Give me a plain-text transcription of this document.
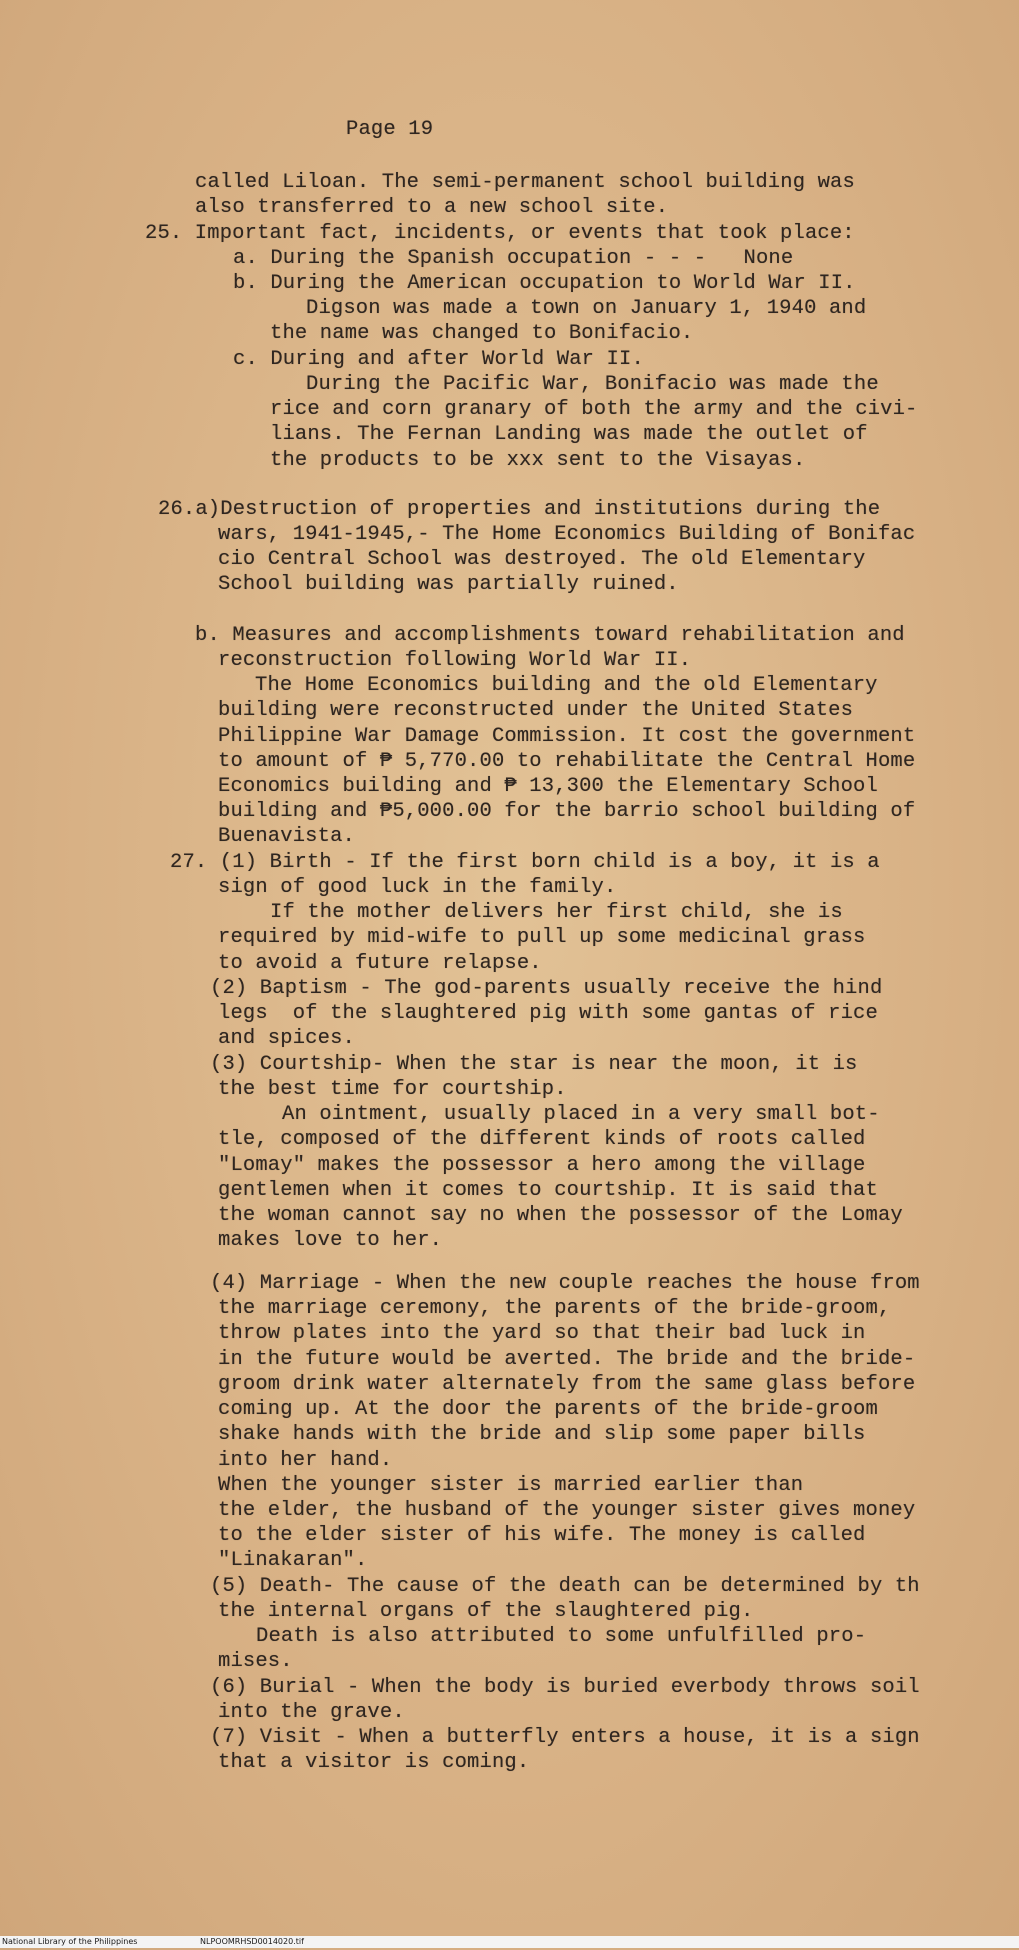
Page 19
called Liloan. The semi-permanent school building was
also transferred to a new school site.
25. Important fact, incidents, or events that took place:
a. During the Spanish occupation - - -   None
b. During the American occupation to World War II.
Digson was made a town on January 1, 1940 and
the name was changed to Bonifacio.
c. During and after World War II.
During the Pacific War, Bonifacio was made the
rice and corn granary of both the army and the civi-
lians. The Fernan Landing was made the outlet of
the products to be xxx sent to the Visayas.
26.a)Destruction of properties and institutions during the
wars, 1941-1945,- The Home Economics Building of Bonifac
cio Central School was destroyed. The old Elementary
School building was partially ruined.
b. Measures and accomplishments toward rehabilitation and
reconstruction following World War II.
The Home Economics building and the old Elementary
building were reconstructed under the United States
Philippine War Damage Commission. It cost the government
to amount of ₱ 5,770.00 to rehabilitate the Central Home
Economics building and ₱ 13,300 the Elementary School
building and ₱5,000.00 for the barrio school building of
Buenavista.
27. (1) Birth - If the first born child is a boy, it is a
sign of good luck in the family.
If the mother delivers her first child, she is
required by mid-wife to pull up some medicinal grass
to avoid a future relapse.
(2) Baptism - The god-parents usually receive the hind
legs  of the slaughtered pig with some gantas of rice
and spices.
(3) Courtship- When the star is near the moon, it is
the best time for courtship.
An ointment, usually placed in a very small bot-
tle, composed of the different kinds of roots called
"Lomay" makes the possessor a hero among the village
gentlemen when it comes to courtship. It is said that
the woman cannot say no when the possessor of the Lomay
makes love to her.
(4) Marriage - When the new couple reaches the house from
the marriage ceremony, the parents of the bride-groom,
throw plates into the yard so that their bad luck in
in the future would be averted. The bride and the bride-
groom drink water alternately from the same glass before
coming up. At the door the parents of the bride-groom
shake hands with the bride and slip some paper bills
into her hand.
When the younger sister is married earlier than
the elder, the husband of the younger sister gives money
to the elder sister of his wife. The money is called
"Linakaran".
(5) Death- The cause of the death can be determined by th
the internal organs of the slaughtered pig.
Death is also attributed to some unfulfilled pro-
mises.
(6) Burial - When the body is buried everbody throws soil
into the grave.
(7) Visit - When a butterfly enters a house, it is a sign
that a visitor is coming.
National Library of the Philippines	NLPOOMRHSD0014020.tif
